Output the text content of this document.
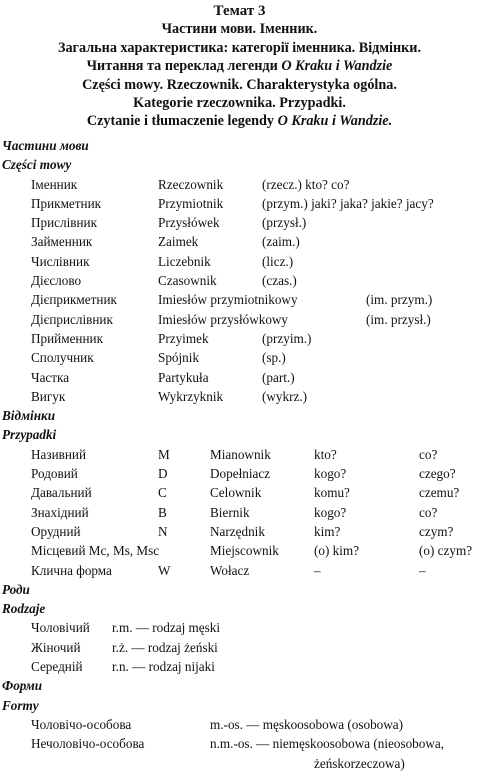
Темат 3
Частини мови. Іменник.
Загальна характеристика: категорії іменника. Відмінки.
Читання та переклад легенди O Kraku i Wandzie
Części mowy. Rzeczownik. Charakterystyka ogólna.
Kategorie rzeczownika. Przypadki.
Czytanie i tłumaczenie legendy O Kraku i Wandzie.
Частини мови
Części mowy
Іменник	Rzeczownik	(rzecz.) kto? co?
Прикметник	Przymiotnik	(przym.) jaki? jaka? jakie? jacy?
Прислівник	Przysłówek	(przysł.)
Займенник	Zaimek	(zaim.)
Числівник	Liczebnik	(licz.)
Дієслово	Czasownik	(czas.)
Дієприкметник	Imiesłów przymiotnikowy	(im. przym.)
Дієприслівник	Imiesłów przysłówkowy	(im. przysł.)
Прийменник	Przyimek	(przyim.)
Сполучник	Spójnik	(sp.)
Частка	Partykuła	(part.)
Вигук	Wykrzyknik	(wykrz.)
Відмінки
Przypadki
Називний	M	Mianownik	kto?	co?
Родовий	D	Dopełniacz	kogo?	czego?
Давальний	C	Celownik	komu?	czemu?
Знахідний	B	Biernik	kogo?	co?
Орудний	N	Narzędnik	kim?	czym?
Місцевий Mc, Ms, Msc	Miejscownik	(o) kim?	(o) czym?
Клична форма	W	Wołacz	–	–
Роди
Rodzaje
Чоловічий r.m. — rodzaj męski
Жіночий r.ż. — rodzaj żeński
Середній r.n. — rodzaj nijaki
Форми
Formy
Чоловічо-особова	m.-os. — męskoosobowa (osobowa)
Нечоловічо-особова	n.m.-os. — niemęskoosobowa (nieosobowa,
żeńskorzeczowa)
